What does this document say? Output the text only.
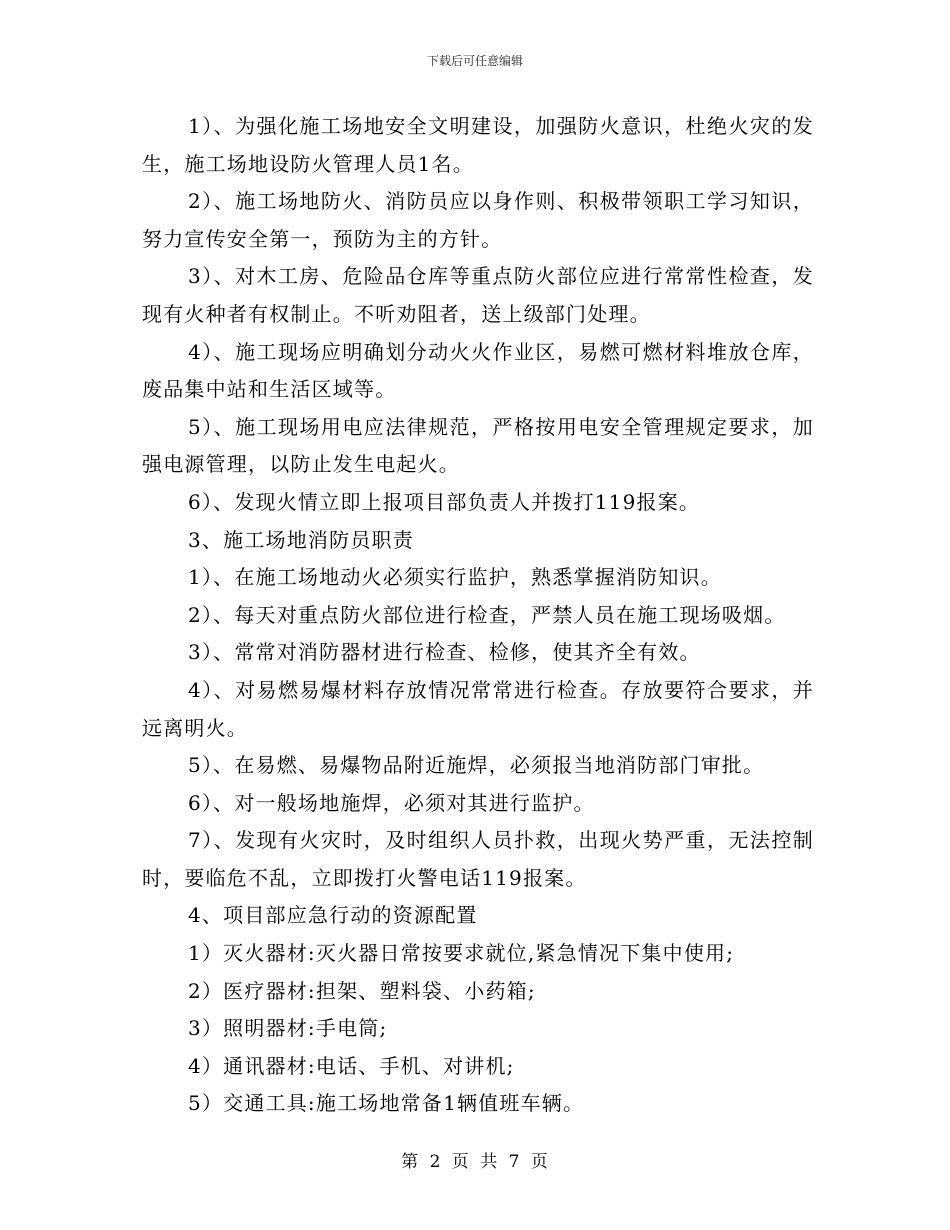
下载后可任意编辑

1）、为强化施工场地安全文明建设，加强防火意识，杜绝火灾的发生，施工场地设防火管理人员1名。

2）、施工场地防火、消防员应以身作则、积极带领职工学习知识，努力宣传安全第一，预防为主的方针。

3）、对木工房、危险品仓库等重点防火部位应进行常常性检查，发现有火种者有权制止。不听劝阻者，送上级部门处理。

4）、施工现场应明确划分动火火作业区，易燃可燃材料堆放仓库，废品集中站和生活区域等。

5）、施工现场用电应法律规范，严格按用电安全管理规定要求，加强电源管理，以防止发生电起火。

6）、发现火情立即上报项目部负责人并拨打119报案。

3、施工场地消防员职责

1）、在施工场地动火必须实行监护，熟悉掌握消防知识。

2）、每天对重点防火部位进行检查，严禁人员在施工现场吸烟。

3）、常常对消防器材进行检查、检修，使其齐全有效。

4）、对易燃易爆材料存放情况常常进行检查。存放要符合要求，并远离明火。

5）、在易燃、易爆物品附近施焊，必须报当地消防部门审批。

6）、对一般场地施焊，必须对其进行监护。

7）、发现有火灾时，及时组织人员扑救，出现火势严重，无法控制时，要临危不乱，立即拨打火警电话119报案。

4、项目部应急行动的资源配置

1）灭火器材:灭火器日常按要求就位,紧急情况下集中使用;

2）医疗器材:担架、塑料袋、小药箱;

3）照明器材:手电筒;

4）通讯器材:电话、手机、对讲机;

5）交通工具:施工场地常备1辆值班车辆。

第 2 页 共 7 页
